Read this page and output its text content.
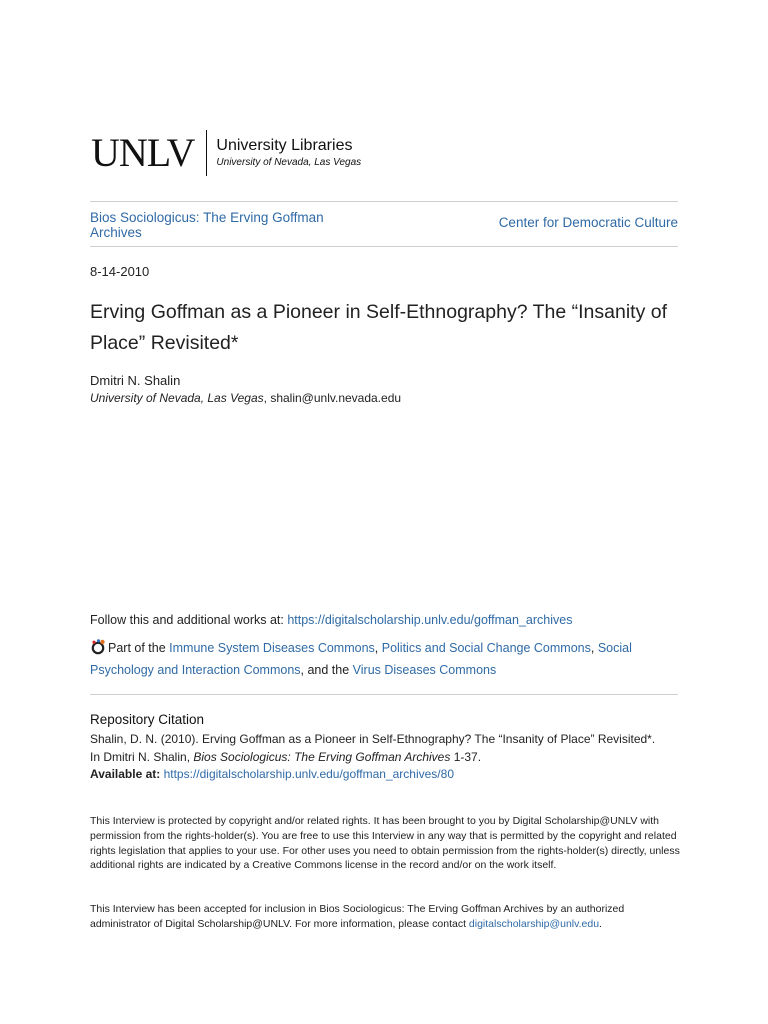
UNLV University Libraries
University of Nevada, Las Vegas
Bios Sociologicus: The Erving Goffman Archives
Center for Democratic Culture
8-14-2010
Erving Goffman as a Pioneer in Self-Ethnography? The “Insanity of Place” Revisited*
Dmitri N. Shalin
University of Nevada, Las Vegas, shalin@unlv.nevada.edu
Follow this and additional works at: https://digitalscholarship.unlv.edu/goffman_archives
Part of the Immune System Diseases Commons, Politics and Social Change Commons, Social Psychology and Interaction Commons, and the Virus Diseases Commons
Repository Citation
Shalin, D. N. (2010). Erving Goffman as a Pioneer in Self-Ethnography? The “Insanity of Place” Revisited*.
In Dmitri N. Shalin, Bios Sociologicus: The Erving Goffman Archives 1-37.
Available at: https://digitalscholarship.unlv.edu/goffman_archives/80
This Interview is protected by copyright and/or related rights. It has been brought to you by Digital Scholarship@UNLV with permission from the rights-holder(s). You are free to use this Interview in any way that is permitted by the copyright and related rights legislation that applies to your use. For other uses you need to obtain permission from the rights-holder(s) directly, unless additional rights are indicated by a Creative Commons license in the record and/or on the work itself.
This Interview has been accepted for inclusion in Bios Sociologicus: The Erving Goffman Archives by an authorized administrator of Digital Scholarship@UNLV. For more information, please contact digitalscholarship@unlv.edu.
